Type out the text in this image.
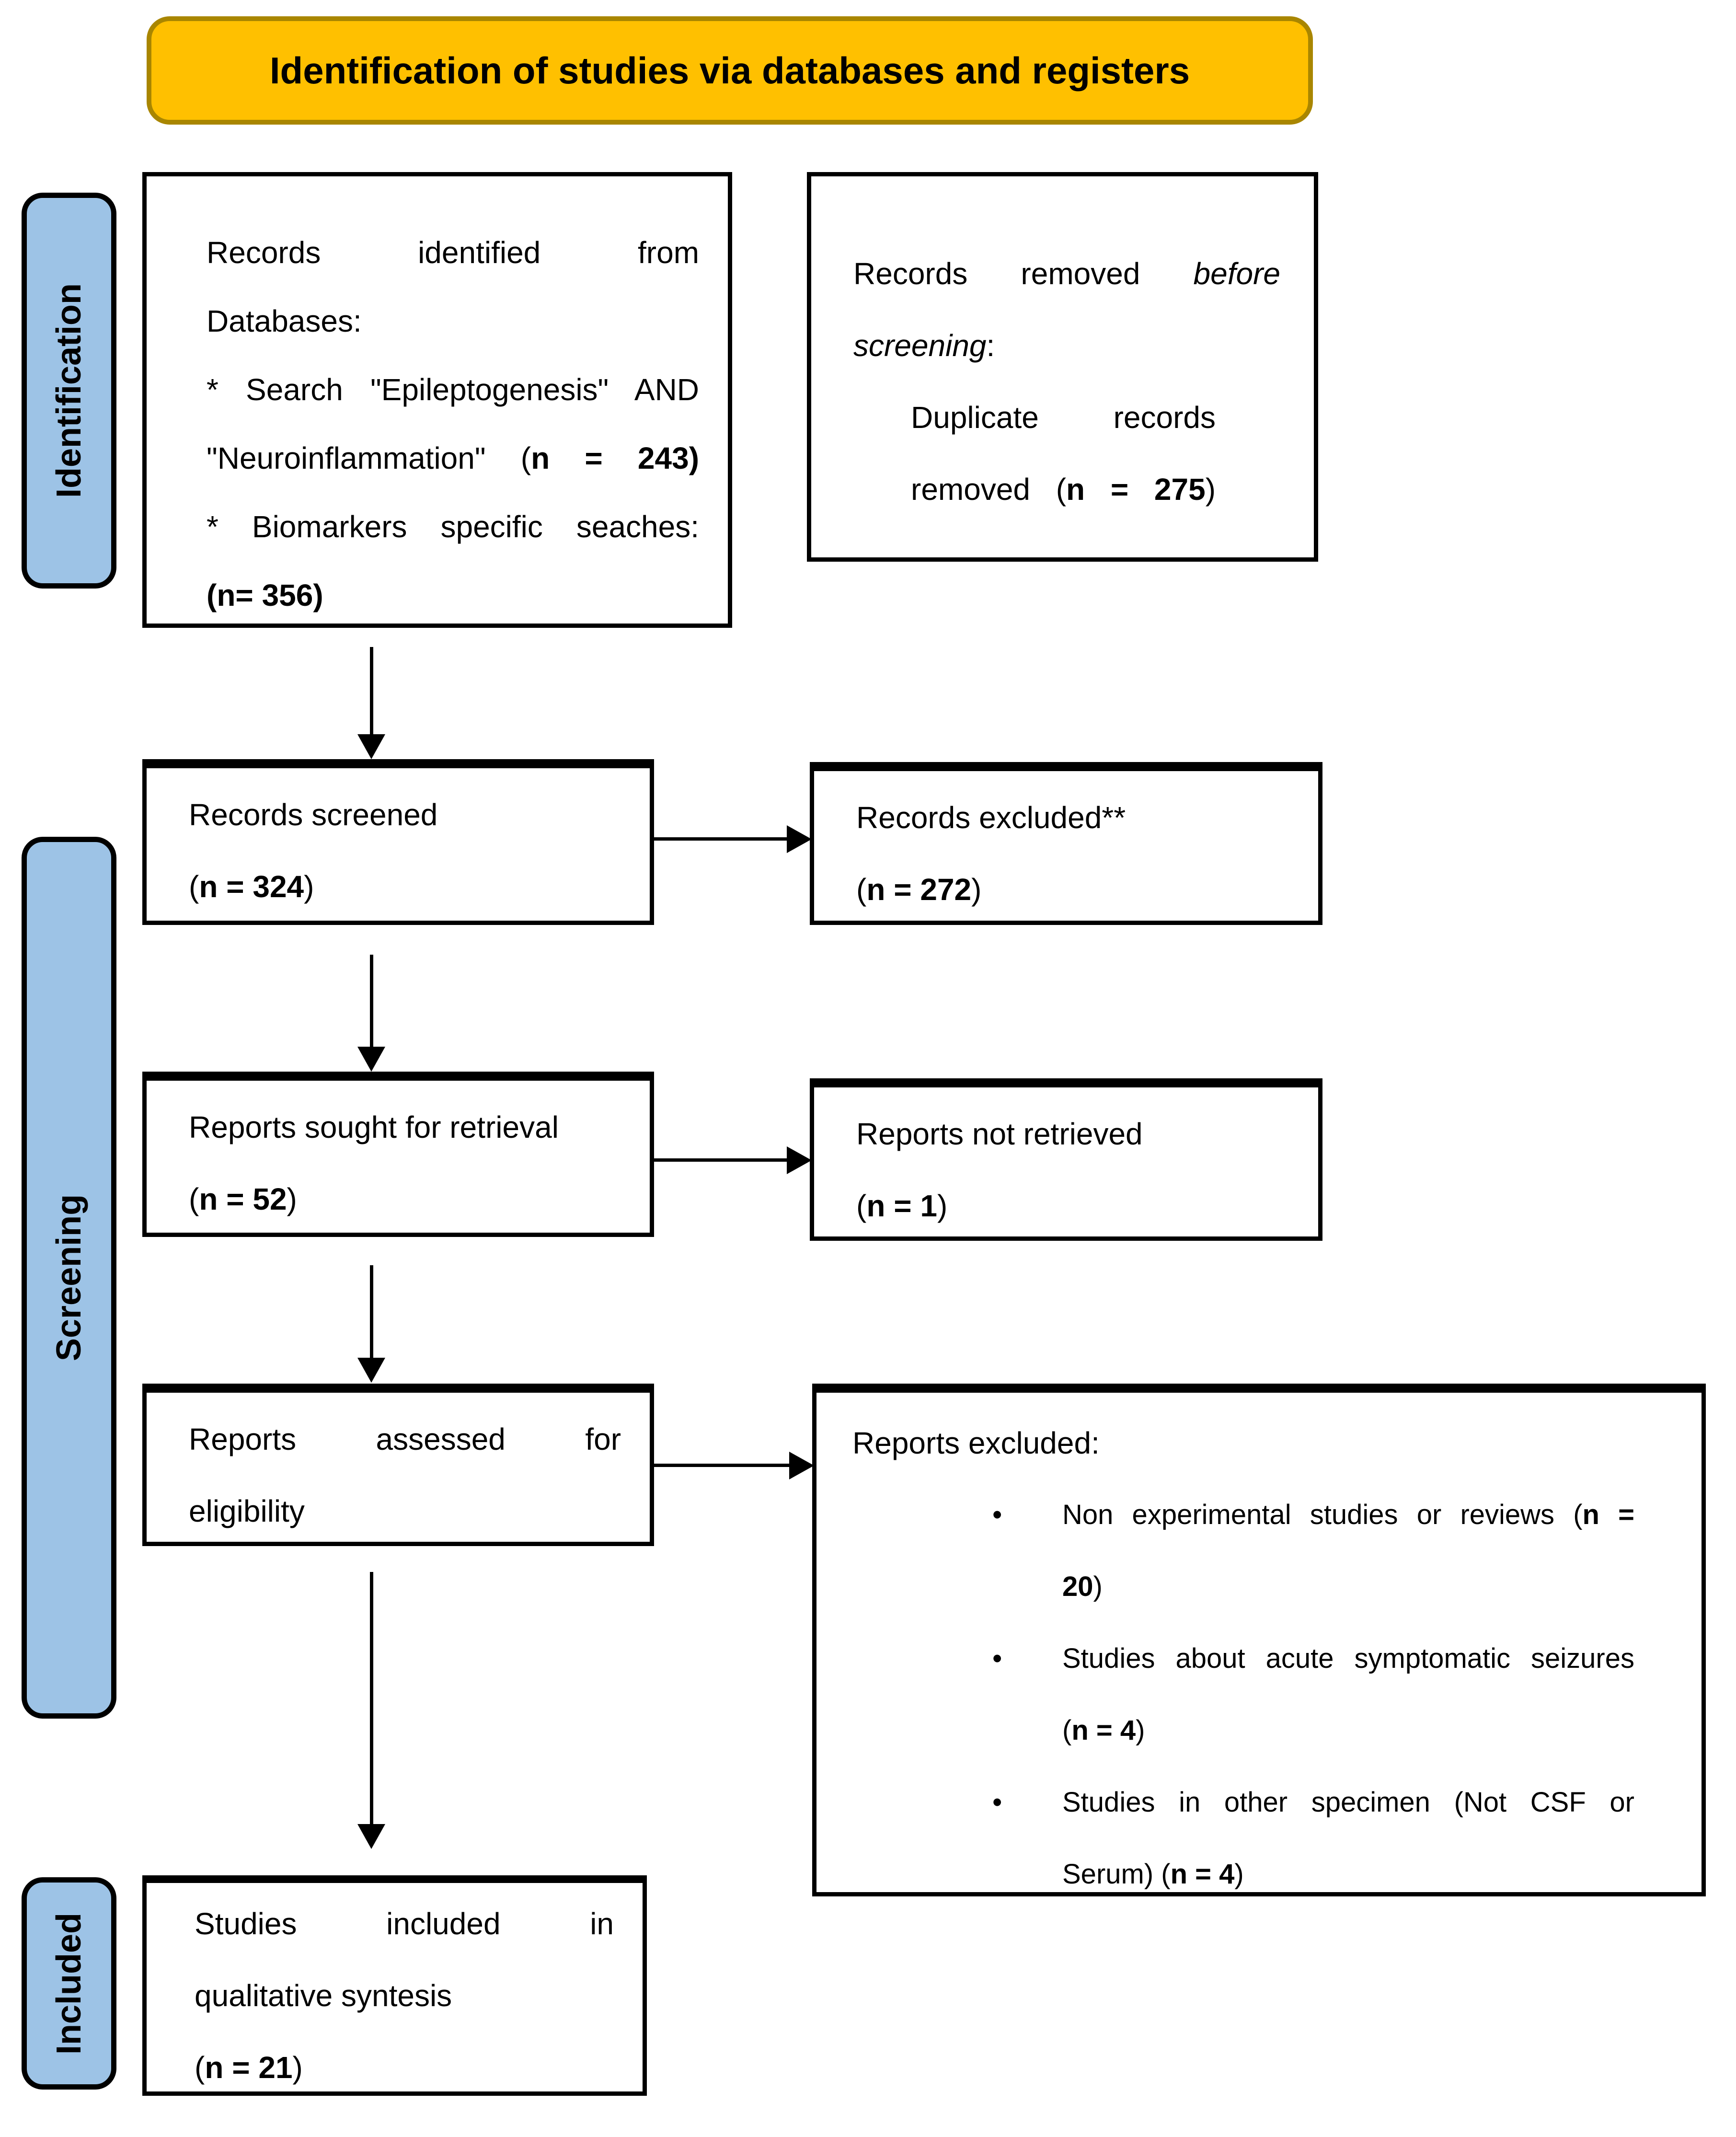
Identification of studies via databases and registers
Identification
Screening
Included
Records identified from
Databases:
* Search "Epileptogenesis" AND
"Neuroinflammation" (n = 243)
* Biomarkers specific seaches:
(n= 356)
Records removed before
screening:
Duplicate records
removed (n = 275)
Records screened
(n = 324)
Records excluded**
(n = 272)
Reports sought for retrieval
(n = 52)
Reports not retrieved
(n = 1)
Reports assessed for
eligibility
Reports excluded:
•	Non experimental studies or reviews (n =
20)
•	Studies about acute symptomatic seizures
(n = 4)
•	Studies in other specimen (Not CSF or
Serum) (n = 4)
Studies included in
qualitative syntesis
(n = 21)
